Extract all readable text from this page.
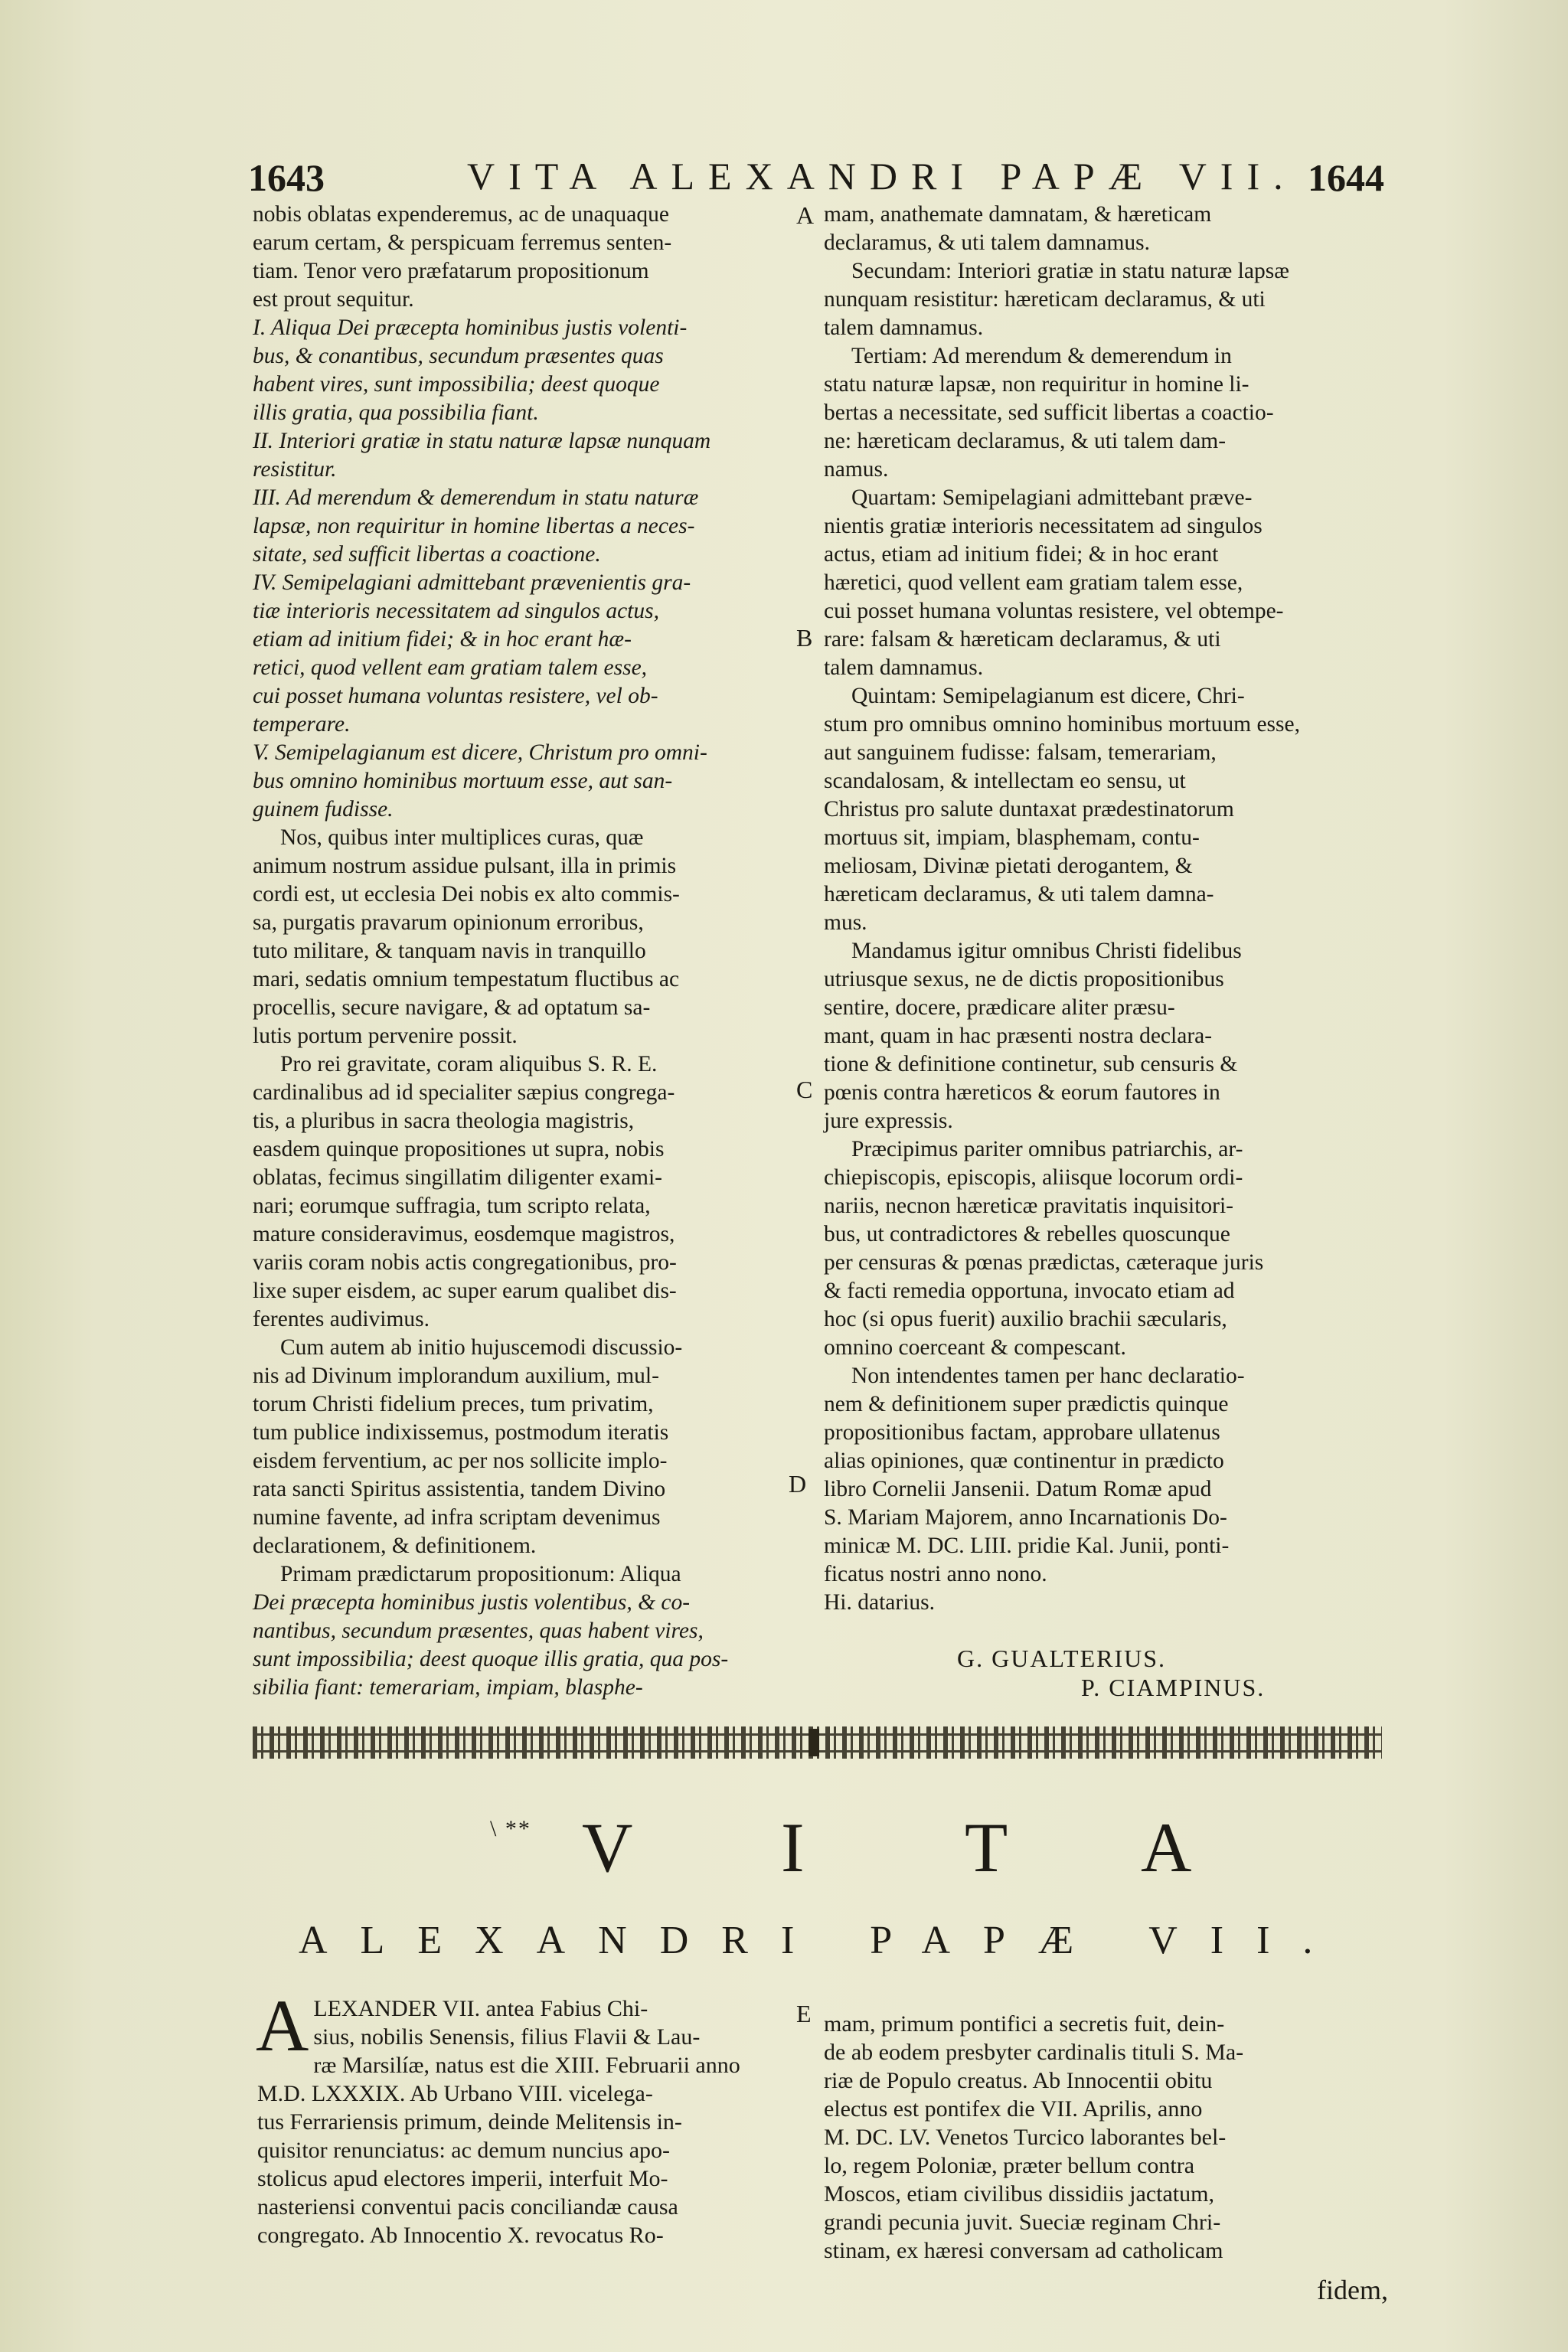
1643	VITA ALEXANDRI PAPÆ VII. 1644

nobis oblatas expenderemus, ac de unaquaque

earum certam, & perspicuam ferremus senten-

tiam. Tenor vero præfatarum propositionum

est prout sequitur.

I. Aliqua Dei præcepta hominibus justis volenti-

bus, & conantibus, secundum præsentes quas

habent vires, sunt impossibilia; deest quoque

illis gratia, qua possibilia fiant.

II. Interiori gratiæ in statu naturæ lapsæ nunquam

resistitur.

III. Ad merendum & demerendum in statu naturæ

lapsæ, non requiritur in homine libertas a neces-

sitate, sed sufficit libertas a coactione.

IV. Semipelagiani admittebant prævenientis gra-

tiæ interioris necessitatem ad singulos actus,

etiam ad initium fidei; & in hoc erant hæ-

retici, quod vellent eam gratiam talem esse,

cui posset humana voluntas resistere, vel ob-

temperare.

V. Semipelagianum est dicere, Christum pro omni-

bus omnino hominibus mortuum esse, aut san-

guinem fudisse.

Nos, quibus inter multiplices curas, quæ

animum nostrum assidue pulsant, illa in primis

cordi est, ut ecclesia Dei nobis ex alto commis-

sa, purgatis pravarum opinionum erroribus,

tuto militare, & tanquam navis in tranquillo

mari, sedatis omnium tempestatum fluctibus ac

procellis, secure navigare, & ad optatum sa-

lutis portum pervenire possit.

Pro rei gravitate, coram aliquibus S. R. E.

cardinalibus ad id specialiter sæpius congrega-

tis, a pluribus in sacra theologia magistris,

easdem quinque propositiones ut supra, nobis

oblatas, fecimus singillatim diligenter exami-

nari; eorumque suffragia, tum scripto relata,

mature consideravimus, eosdemque magistros,

variis coram nobis actis congregationibus, pro-

lixe super eisdem, ac super earum qualibet dis-

ferentes audivimus.

Cum autem ab initio hujuscemodi discussio-

nis ad Divinum implorandum auxilium, mul-

torum Christi fidelium preces, tum privatim,

tum publice indixissemus, postmodum iteratis

eisdem ferventium, ac per nos sollicite implo-

rata sancti Spiritus assistentia, tandem Divino

numine favente, ad infra scriptam devenimus

declarationem, & definitionem.

Primam prædictarum propositionum: Aliqua

Dei præcepta hominibus justis volentibus, & co-

nantibus, secundum præsentes, quas habent vires,

sunt impossibilia; deest quoque illis gratia, qua pos-

sibilia fiant: temerariam, impiam, blasphe-

mam, anathemate damnatam, & hæreticam

declaramus, & uti talem damnamus.

Secundam: Interiori gratiæ in statu naturæ lapsæ

nunquam resistitur: hæreticam declaramus, & uti

talem damnamus.

Tertiam: Ad merendum & demerendum in

statu naturæ lapsæ, non requiritur in homine li-

bertas a necessitate, sed sufficit libertas a coactio-

ne: hæreticam declaramus, & uti talem dam-

namus.

Quartam: Semipelagiani admittebant præve-

nientis gratiæ interioris necessitatem ad singulos

actus, etiam ad initium fidei; & in hoc erant

hæretici, quod vellent eam gratiam talem esse,

cui posset humana voluntas resistere, vel obtempe-

rare: falsam & hæreticam declaramus, & uti

talem damnamus.

Quintam: Semipelagianum est dicere, Chri-

stum pro omnibus omnino hominibus mortuum esse,

aut sanguinem fudisse: falsam, temerariam,

scandalosam, & intellectam eo sensu, ut

Christus pro salute duntaxat prædestinatorum

mortuus sit, impiam, blasphemam, contu-

meliosam, Divinæ pietati derogantem, &

hæreticam declaramus, & uti talem damna-

mus.

Mandamus igitur omnibus Christi fidelibus

utriusque sexus, ne de dictis propositionibus

sentire, docere, prædicare aliter præsu-

mant, quam in hac præsenti nostra declara-

tione & definitione continetur, sub censuris &

pœnis contra hæreticos & eorum fautores in

jure expressis.

Præcipimus pariter omnibus patriarchis, ar-

chiepiscopis, episcopis, aliisque locorum ordi-

nariis, necnon hæreticæ pravitatis inquisitori-

bus, ut contradictores & rebelles quoscunque

per censuras & pœnas prædictas, cæteraque juris

& facti remedia opportuna, invocato etiam ad

hoc (si opus fuerit) auxilio brachii sæcularis,

omnino coerceant & compescant.

Non intendentes tamen per hanc declaratio-

nem & definitionem super prædictis quinque

propositionibus factam, approbare ullatenus

alias opiniones, quæ continentur in prædicto

libro Cornelii Jansenii. Datum Romæ apud

S. Mariam Majorem, anno Incarnationis Do-

minicæ M. DC. LIII. pridie Kal. Junii, ponti-

ficatus nostri anno nono.

Hi. datarius.

A
B
C
D
E
G. GUALTERIUS.
P. CIAMPINUS.
\ ** V I T A
ALEXANDRI PAPÆ VII.
A LEXANDER VII. antea Fabius Chi-
sius, nobilis Senensis, filius Flavii & Lau-
ræ Marsilíæ, natus est die XIII. Februarii anno
M.D. LXXXIX. Ab Urbano VIII. vicelega-
tus Ferrariensis primum, deinde Melitensis in-
quisitor renunciatus: ac demum nuncius apo-
stolicus apud electores imperii, interfuit Mo-
nasteriensi conventui pacis conciliandæ causa
congregato. Ab Innocentio X. revocatus Ro-
mam, primum pontifici a secretis fuit, dein-
de ab eodem presbyter cardinalis tituli S. Ma-
riæ de Populo creatus. Ab Innocentii obitu
electus est pontifex die VII. Aprilis, anno
M. DC. LV. Venetos Turcico laborantes bel-
lo, regem Poloniæ, præter bellum contra
Moscos, etiam civilibus dissidiis jactatum,
grandi pecunia juvit. Sueciæ reginam Chri-
stinam, ex hæresi conversam ad catholicam
fidem,
